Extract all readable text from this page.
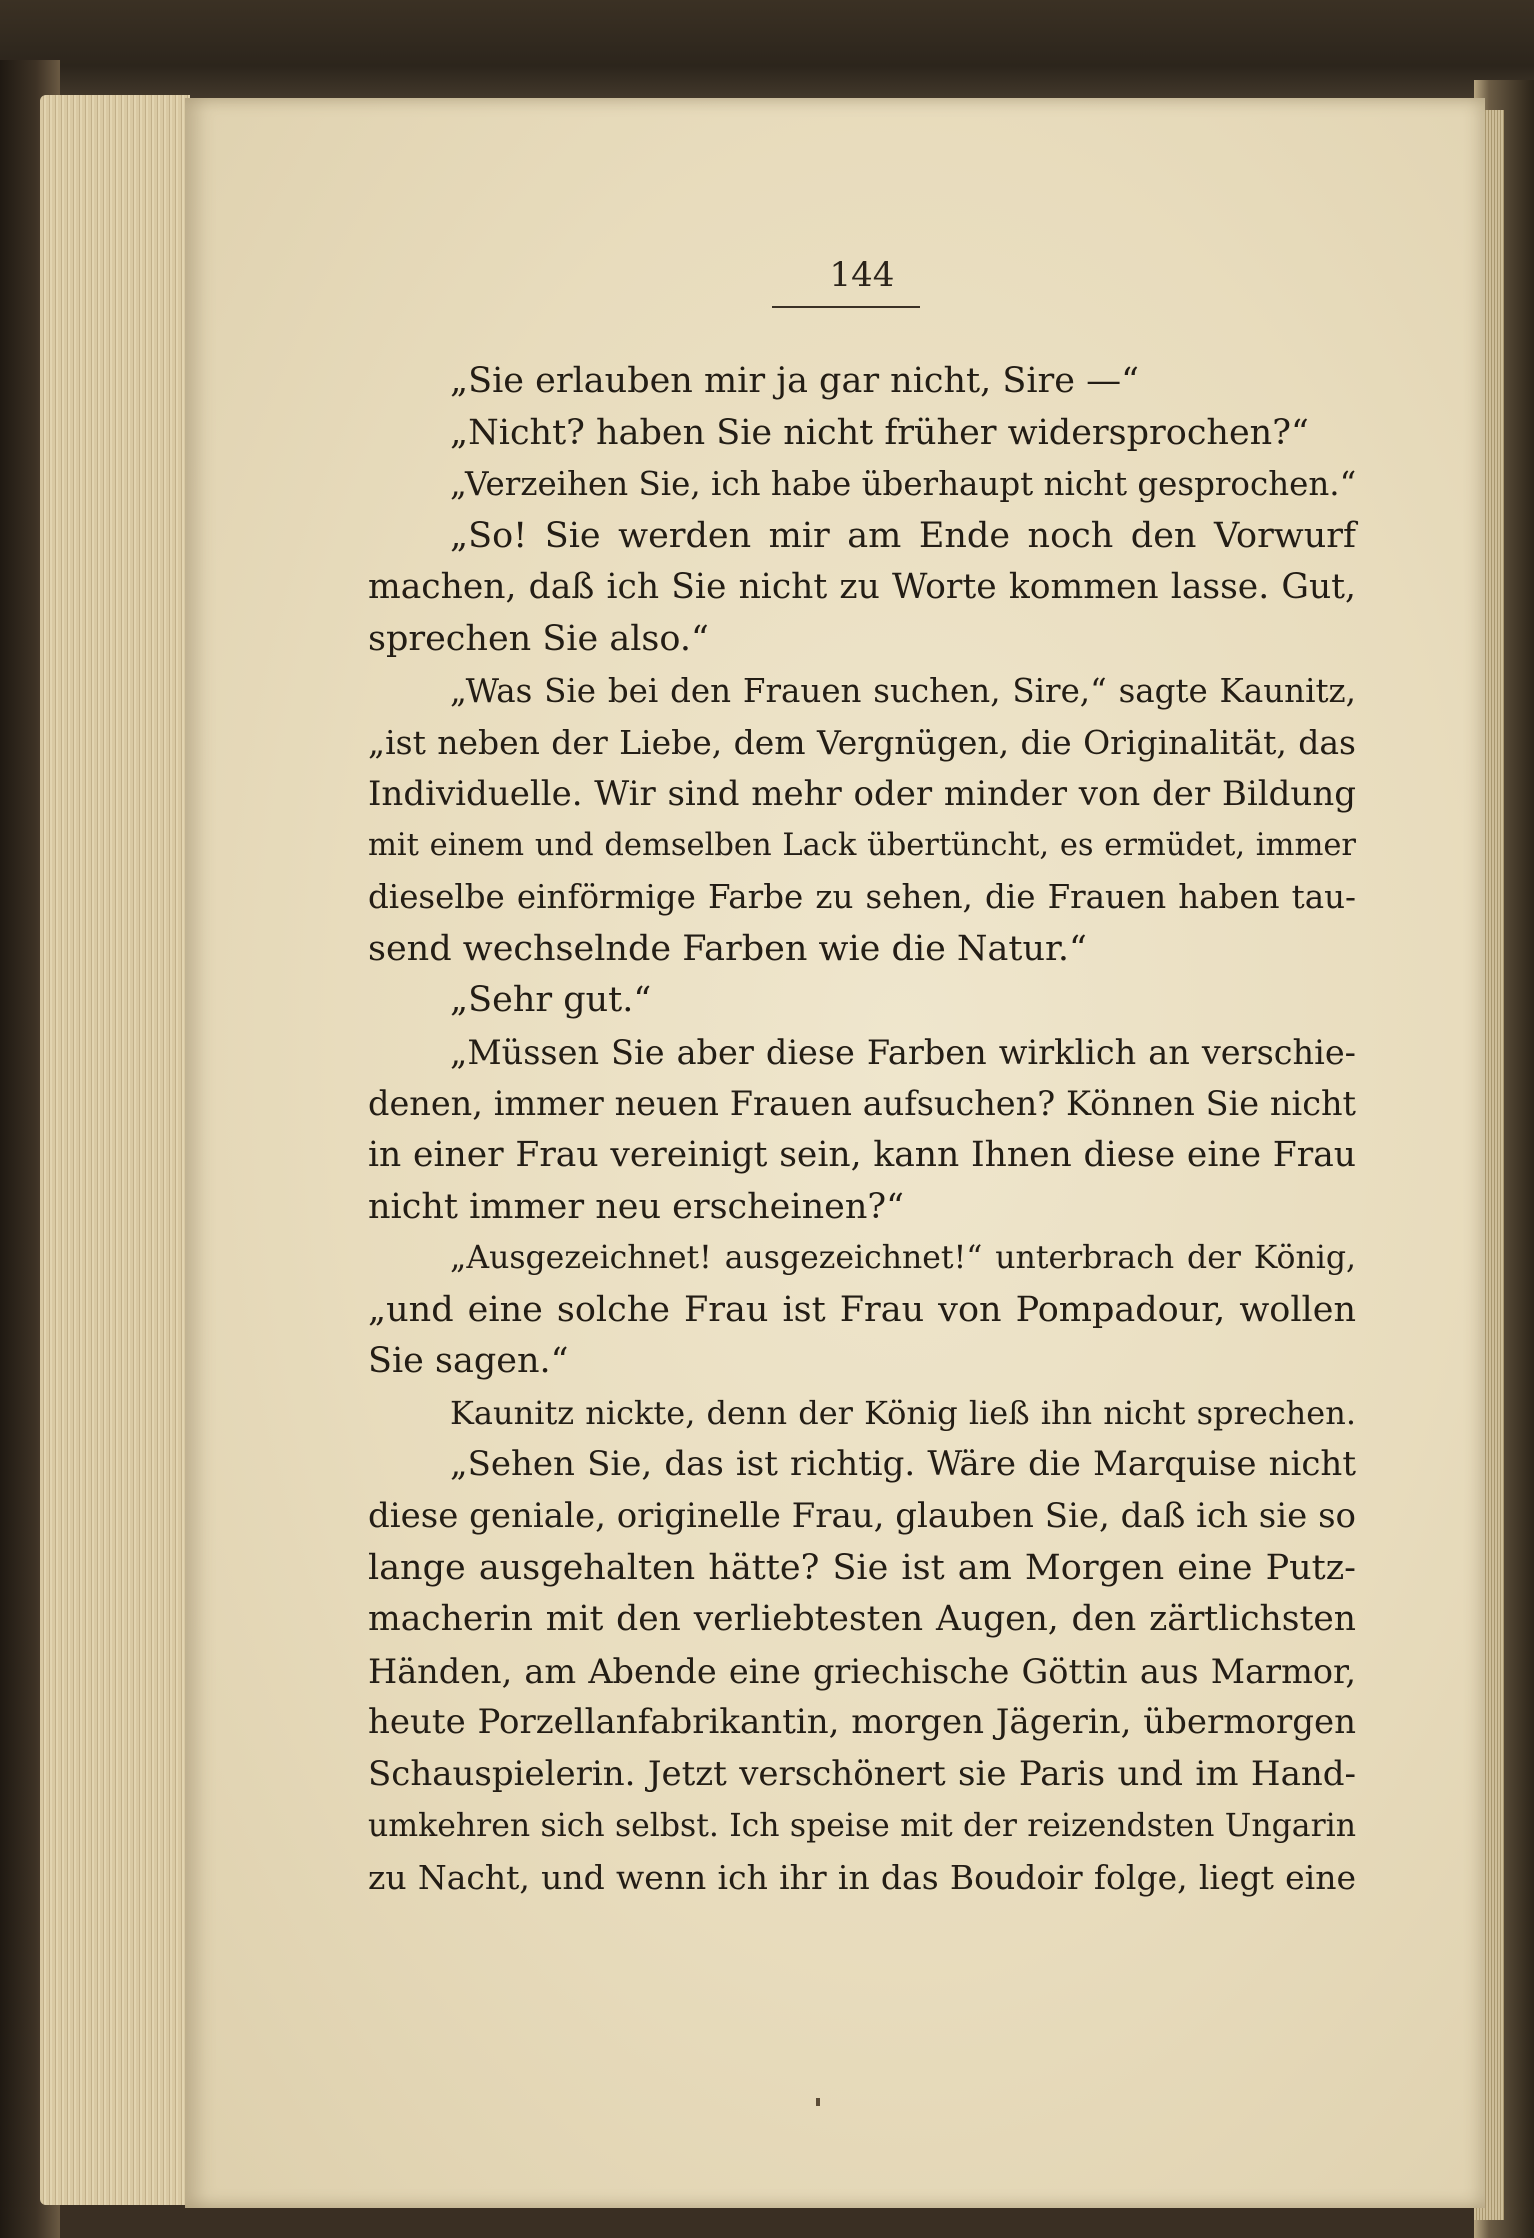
144
„Sie erlauben mir ja gar nicht, Sire —“
„Nicht? haben Sie nicht früher widersprochen?“
„Verzeihen Sie, ich habe überhaupt nicht gesprochen.“
„So! Sie werden mir am Ende noch den Vorwurf
machen, daß ich Sie nicht zu Worte kommen lasse. Gut,
sprechen Sie also.“
„Was Sie bei den Frauen suchen, Sire,“ sagte Kaunitz,
„ist neben der Liebe, dem Vergnügen, die Originalität, das
Individuelle. Wir sind mehr oder minder von der Bildung
mit einem und demselben Lack übertüncht, es ermüdet, immer
dieselbe einförmige Farbe zu sehen, die Frauen haben tau-
send wechselnde Farben wie die Natur.“
„Sehr gut.“
„Müssen Sie aber diese Farben wirklich an verschie-
denen, immer neuen Frauen aufsuchen? Können Sie nicht
in einer Frau vereinigt sein, kann Ihnen diese eine Frau
nicht immer neu erscheinen?“
„Ausgezeichnet! ausgezeichnet!“ unterbrach der König,
„und eine solche Frau ist Frau von Pompadour, wollen
Sie sagen.“
Kaunitz nickte, denn der König ließ ihn nicht sprechen.
„Sehen Sie, das ist richtig. Wäre die Marquise nicht
diese geniale, originelle Frau, glauben Sie, daß ich sie so
lange ausgehalten hätte? Sie ist am Morgen eine Putz-
macherin mit den verliebtesten Augen, den zärtlichsten
Händen, am Abende eine griechische Göttin aus Marmor,
heute Porzellanfabrikantin, morgen Jägerin, übermorgen
Schauspielerin. Jetzt verschönert sie Paris und im Hand-
umkehren sich selbst. Ich speise mit der reizendsten Ungarin
zu Nacht, und wenn ich ihr in das Boudoir folge, liegt eine
